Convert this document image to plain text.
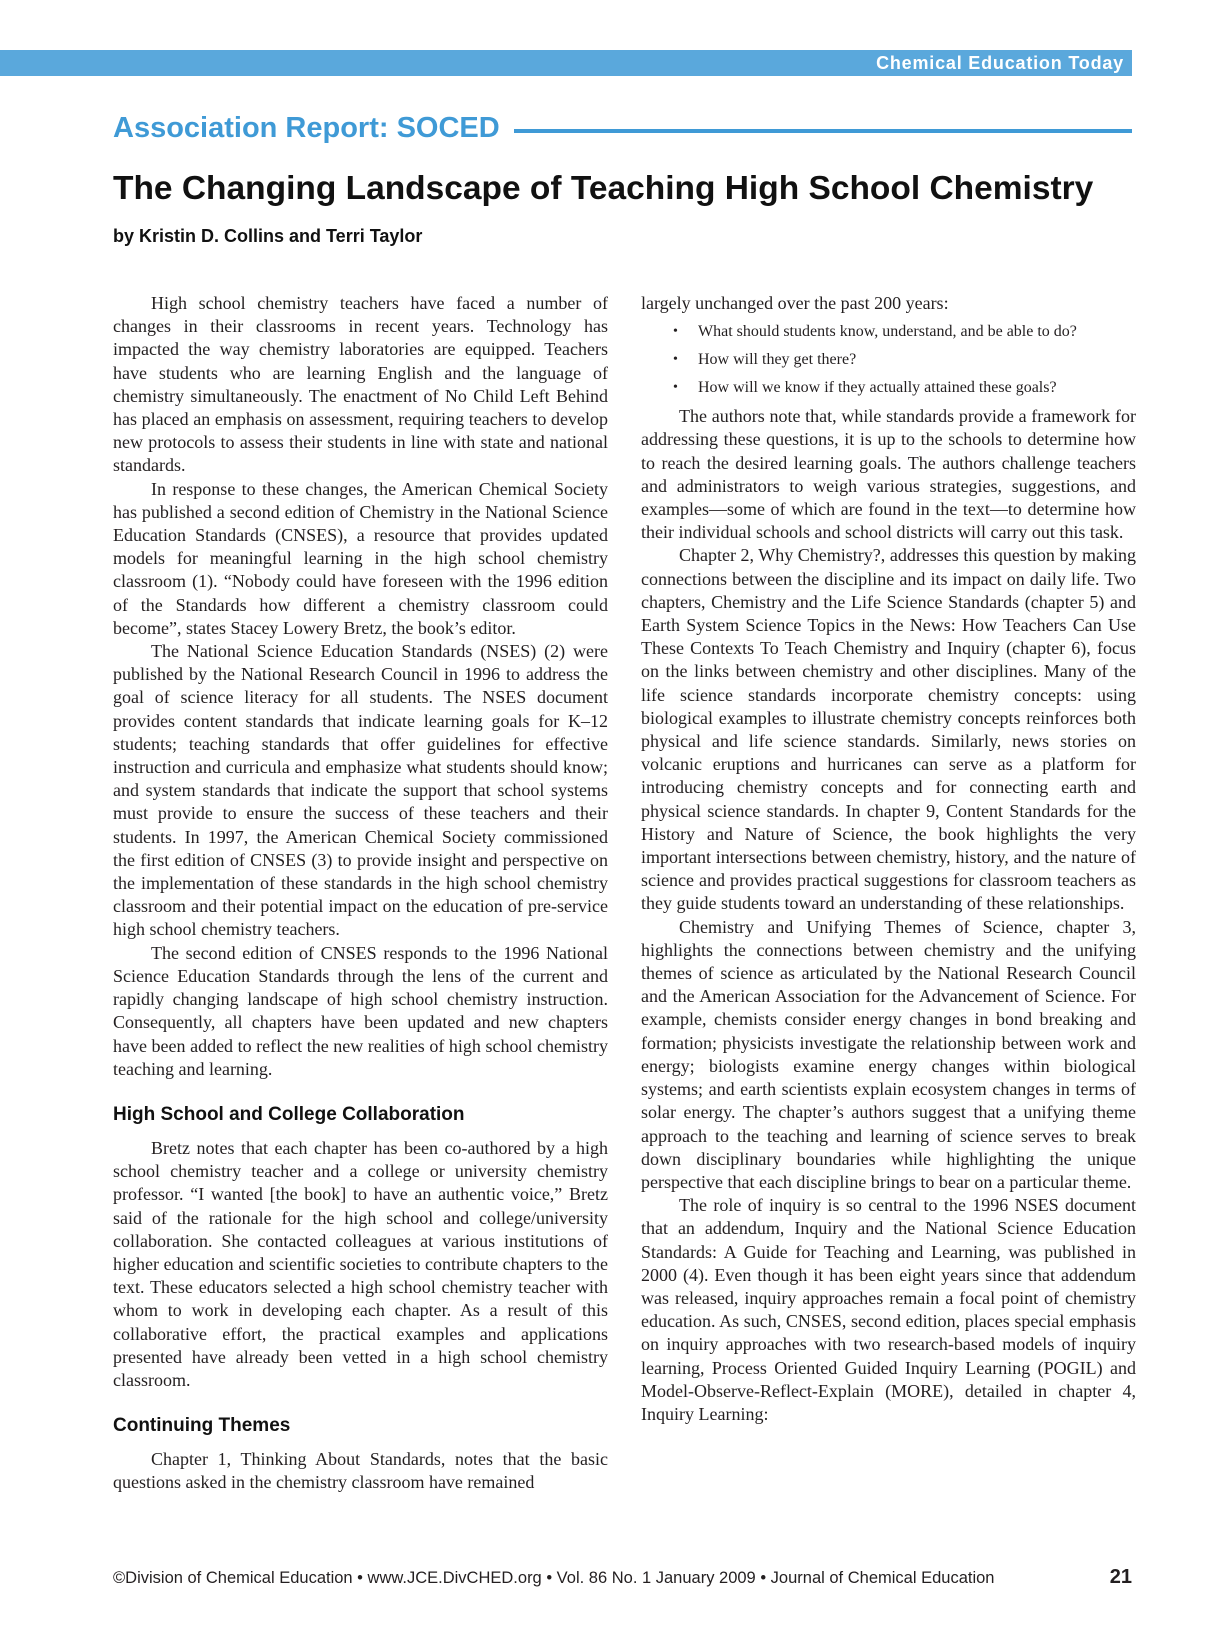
Chemical Education Today
Association Report: SOCED
The Changing Landscape of Teaching High School Chemistry
by Kristin D. Collins and Terri Taylor

High school chemistry teachers have faced a number of changes in their classrooms in recent years. Technology has impacted the way chemistry laboratories are equipped. Teachers have students who are learning English and the language of chemistry simultaneously. The enactment of No Child Left Behind has placed an emphasis on assessment, requiring teachers to develop new protocols to assess their students in line with state and national standards.

In response to these changes, the American Chemical Society has published a second edition of Chemistry in the National Science Education Standards (CNSES), a resource that provides updated models for meaningful learning in the high school chemistry classroom (1). “Nobody could have foreseen with the 1996 edition of the Standards how different a chemistry classroom could become”, states Stacey Lowery Bretz, the book’s editor.

The National Science Education Standards (NSES) (2) were published by the National Research Council in 1996 to address the goal of science literacy for all students. The NSES document provides content standards that indicate learning goals for K–12 students; teaching standards that offer guidelines for effective instruction and curricula and emphasize what students should know; and system standards that indicate the support that school systems must provide to ensure the success of these teachers and their students. In 1997, the American Chemical Society commissioned the first edition of CNSES (3) to provide insight and perspective on the implementation of these standards in the high school chemistry classroom and their potential impact on the education of pre-service high school chemistry teachers.

The second edition of CNSES responds to the 1996 National Science Education Standards through the lens of the current and rapidly changing landscape of high school chemistry instruction. Consequently, all chapters have been updated and new chapters have been added to reflect the new realities of high school chemistry teaching and learning.

High School and College Collaboration

Bretz notes that each chapter has been co-authored by a high school chemistry teacher and a college or university chemistry professor. “I wanted [the book] to have an authentic voice,” Bretz said of the rationale for the high school and college/university collaboration. She contacted colleagues at various institutions of higher education and scientific societies to contribute chapters to the text. These educators selected a high school chemistry teacher with whom to work in developing each chapter. As a result of this collaborative effort, the practical examples and applications presented have already been vetted in a high school chemistry classroom.

Continuing Themes

Chapter 1, Thinking About Standards, notes that the basic questions asked in the chemistry classroom have remained

largely unchanged over the past 200 years:

• What should students know, understand, and be able to do?
• How will they get there?
• How will we know if they actually attained these goals?

The authors note that, while standards provide a framework for addressing these questions, it is up to the schools to determine how to reach the desired learning goals. The authors challenge teachers and administrators to weigh various strategies, suggestions, and examples—some of which are found in the text—to determine how their individual schools and school districts will carry out this task.

Chapter 2, Why Chemistry?, addresses this question by making connections between the discipline and its impact on daily life. Two chapters, Chemistry and the Life Science Standards (chapter 5) and Earth System Science Topics in the News: How Teachers Can Use These Contexts To Teach Chemistry and Inquiry (chapter 6), focus on the links between chemistry and other disciplines. Many of the life science standards incorporate chemistry concepts: using biological examples to illustrate chemistry concepts reinforces both physical and life science standards. Similarly, news stories on volcanic eruptions and hurricanes can serve as a platform for introducing chemistry concepts and for connecting earth and physical science standards. In chapter 9, Content Standards for the History and Nature of Science, the book highlights the very important intersections between chemistry, history, and the nature of science and provides practical suggestions for classroom teachers as they guide students toward an understanding of these relationships.

Chemistry and Unifying Themes of Science, chapter 3, highlights the connections between chemistry and the unifying themes of science as articulated by the National Research Council and the American Association for the Advancement of Science. For example, chemists consider energy changes in bond breaking and formation; physicists investigate the relationship between work and energy; biologists examine energy changes within biological systems; and earth scientists explain ecosystem changes in terms of solar energy. The chapter’s authors suggest that a unifying theme approach to the teaching and learning of science serves to break down disciplinary boundaries while highlighting the unique perspective that each discipline brings to bear on a particular theme.

The role of inquiry is so central to the 1996 NSES document that an addendum, Inquiry and the National Science Education Standards: A Guide for Teaching and Learning, was published in 2000 (4). Even though it has been eight years since that addendum was released, inquiry approaches remain a focal point of chemistry education. As such, CNSES, second edition, places special emphasis on inquiry approaches with two research-based models of inquiry learning, Process Oriented Guided Inquiry Learning (POGIL) and Model-Observe-Reflect-Explain (MORE), detailed in chapter 4, Inquiry Learning:

©Division of Chemical Education • www.JCE.DivCHED.org • Vol. 86 No. 1 January 2009 • Journal of Chemical Education	21
